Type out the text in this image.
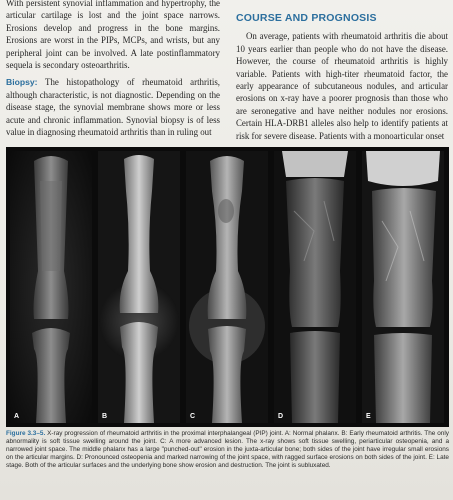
With persistent synovial inflammation and hypertrophy, the articular cartilage is lost and the joint space narrows. Erosions develop and progress in the bone margins. Erosions are worst in the PIPs, MCPs, and wrists, but any peripheral joint can be involved. A late postinflammatory sequela is secondary osteoarthritis.

Biopsy: The histopathology of rheumatoid arthritis, although characteristic, is not diagnostic. Depending on the disease stage, the synovial membrane shows more or less acute and chronic inflammation. Synovial biopsy is of less value in diagnosing rheumatoid arthritis than in ruling out

COURSE AND PROGNOSIS

On average, patients with rheumatoid arthritis die about 10 years earlier than people who do not have the disease. However, the course of rheumatoid arthritis is highly variable. Patients with high-titer rheumatoid factor, the early appearance of subcutaneous nodules, and articular erosions on x-ray have a poorer prognosis than those who are seronegative and have neither nodules nor erosions. Certain HLA-DRB1 alleles also help to identify patients at risk for severe disease. Patients with a monoarticular onset

A	B	C	D	E
Figure 3.3–5. X-ray progression of rheumatoid arthritis in the proximal interphalangeal (PIP) joint. A: Normal phalanx. B: Early rheumatoid arthritis. The only abnormality is soft tissue swelling around the joint. C: A more advanced lesion. The x-ray shows soft tissue swelling, periarticular osteopenia, and a narrowed joint space. The middle phalanx has a large "punched-out" erosion in the juxta-articular bone; both sides of the joint have irregular small erosions on the articular margins. D: Pronounced osteopenia and marked narrowing of the joint space, with ragged surface erosions on both sides of the joint. E: Late stage. Both of the articular surfaces and the underlying bone show erosion and destruction. The joint is subluxated.
